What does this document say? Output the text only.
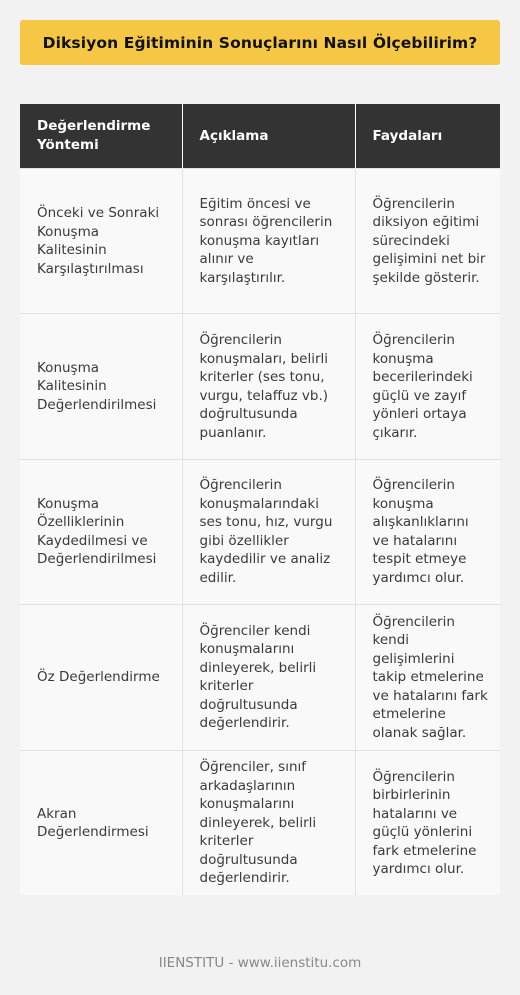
Diksiyon Eğitiminin Sonuçlarını Nasıl Ölçebilirim?
Değerlendirme Yöntemi	Açıklama	Faydaları
Önceki ve Sonraki Konuşma Kalitesinin Karşılaştırılması	Eğitim öncesi ve sonrası öğrencilerin konuşma kayıtları alınır ve karşılaştırılır.	Öğrencilerin diksiyon eğitimi sürecindeki gelişimini net bir şekilde gösterir.
Konuşma Kalitesinin Değerlendirilmesi	Öğrencilerin konuşmaları, belirli kriterler (ses tonu, vurgu, telaffuz vb.) doğrultusunda puanlanır.	Öğrencilerin konuşma becerilerindeki güçlü ve zayıf yönleri ortaya çıkarır.
Konuşma Özelliklerinin Kaydedilmesi ve Değerlendirilmesi	Öğrencilerin konuşmalarındaki ses tonu, hız, vurgu gibi özellikler kaydedilir ve analiz edilir.	Öğrencilerin konuşma alışkanlıklarını ve hatalarını tespit etmeye yardımcı olur.
Öz Değerlendirme	Öğrenciler kendi konuşmalarını dinleyerek, belirli kriterler doğrultusunda değerlendirir.	Öğrencilerin kendi gelişimlerini takip etmelerine ve hatalarını fark etmelerine olanak sağlar.
Akran Değerlendirmesi	Öğrenciler, sınıf arkadaşlarının konuşmalarını dinleyerek, belirli kriterler doğrultusunda değerlendirir.	Öğrencilerin birbirlerinin hatalarını ve güçlü yönlerini fark etmelerine yardımcı olur.
IIENSTITU - www.iienstitu.com
